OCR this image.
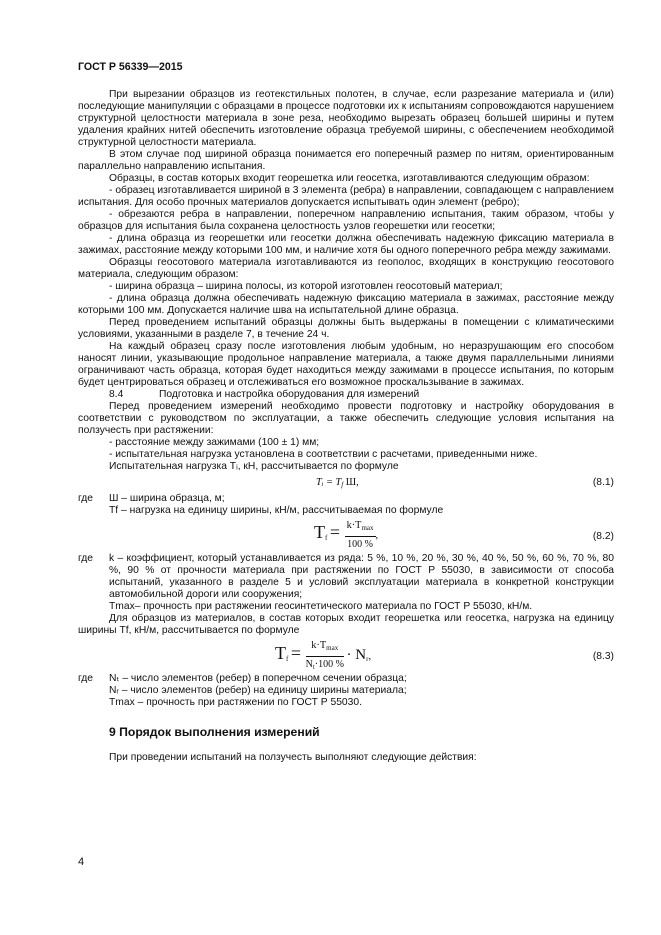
ГОСТ Р 56339—2015

При вырезании образцов из геотекстильных полотен, в случае, если разрезание материала и (или) последующие манипуляции с образцами в процессе подготовки их к испытаниям сопровождаются нарушением структурной целостности материала в зоне реза, необходимо вырезать образец большей ширины и путем удаления крайних нитей обеспечить изготовление образца требуемой ширины, с обеспечением необходимой структурной целостности материала.

В этом случае под шириной образца понимается его поперечный размер по нитям, ориентированным параллельно направлению испытания.

Образцы, в состав которых входит георешетка или геосетка, изготавливаются следующим образом:

- образец изготавливается шириной в 3 элемента (ребра) в направлении, совпадающем с направлением испытания. Для особо прочных материалов допускается испытывать один элемент (ребро);

- обрезаются ребра в направлении, поперечном направлению испытания, таким образом, чтобы у образцов для испытания была сохранена целостность узлов георешетки или геосетки;

- длина образца из георешетки или геосетки должна обеспечивать надежную фиксацию материала в зажимах, расстояние между которыми 100 мм, и наличие хотя бы одного поперечного ребра между зажимами.

Образцы геосотового материала изготавливаются из геополос, входящих в конструкцию геосотового материала, следующим образом:

- ширина образца – ширина полосы, из которой изготовлен геосотовый материал;

- длина образца должна обеспечивать надежную фиксацию материала в зажимах, расстояние между которыми 100 мм. Допускается наличие шва на испытательной длине образца.

Перед проведением испытаний образцы должны быть выдержаны в помещении с климатическими условиями, указанными в разделе 7, в течение 24 ч.

На каждый образец сразу после изготовления любым удобным, но неразрушающим его способом наносят линии, указывающие продольное направление материала, а также двумя параллельными линиями ограничивают часть образца, которая будет находиться между зажимами в процессе испытания, по которым будет центрироваться образец и отслеживаться его возможное проскальзывание в зажимах.

8.4	Подготовка и настройка оборудования для измерений

Перед проведением измерений необходимо провести подготовку и настройку оборудования в соответствии с руководством по эксплуатации, а также обеспечить следующие условия испытания на ползучесть при растяжении:

- расстояние между зажимами (100 ± 1) мм;

- испытательная нагрузка установлена в соответствии с расчетами, приведенными ниже.

Испытательная нагрузка Tᵢ, кН, рассчитывается по формуле

Tᵢ = $T_f$ Ш,	(8.1)

где Ш – ширина образца, м;

Tf – нагрузка на единицу ширины, кН/м, рассчитываемая по формуле

$T_f = \frac{k\cdot T_{max}}{100 \%}$ ,	(8.2)

где k – коэффициент, который устанавливается из ряда: 5 %, 10 %, 20 %, 30 %, 40 %, 50 %, 60 %, 70 %, 80 %, 90 % от прочности материала при растяжении по ГОСТ Р 55030, в зависимости от способа испытаний, указанного в разделе 5 и условий эксплуатации материала в конкретной конструкции автомобильной дороги или сооружения;

Tmax– прочность при растяжении геосинтетического материала по ГОСТ Р 55030, кН/м.

Для образцов из материалов, в состав которых входит георешетка или геосетка, нагрузка на единицу ширины Tf, кН/м, рассчитывается по формуле

$T_f = \frac{k\cdot T_{max}}{N_t\cdot 100 \%} \cdot N_r$,	(8.3)

где Nₜ – число элементов (ребер) в поперечном сечении образца;

Nᵣ – число элементов (ребер) на единицу ширины материала;

Tmax – прочность при растяжении по ГОСТ Р 55030.

9 Порядок выполнения измерений

При проведении испытаний на ползучесть выполняют следующие действия:

4
